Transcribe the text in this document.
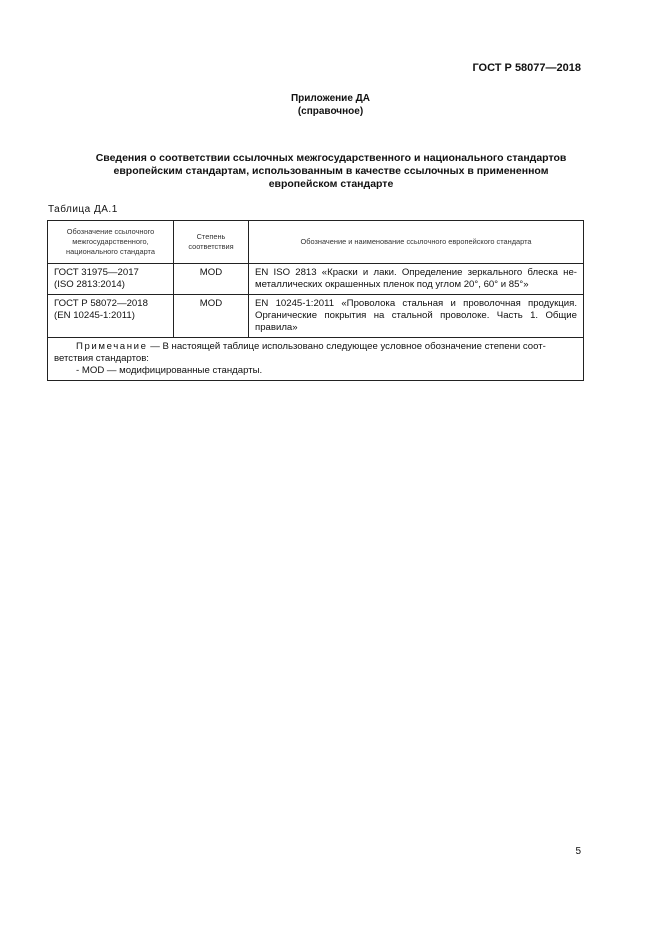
ГОСТ Р 58077—2018
Приложение ДА
(справочное)
Сведения о соответствии ссылочных межгосударственного и национального стандартов
европейским стандартам, использованным в качестве ссылочных в примененном
европейском стандарте
Таблица ДА.1
Обозначение ссылочного межгосударственного, национального стандарта	Степень соответствия	Обозначение и наименование ссылочного европейского стандарта

ГОСТ 31975—2017
(ISO 2813:2014)	MOD	EN ISO 2813 «Краски и лаки. Определение зеркального блеска не-металлических окрашенных пленок под углом 20°, 60° и 85°»

ГОСТ Р 58072—2018
(EN 10245-1:2011)	MOD	EN 10245-1:2011 «Проволока стальная и проволочная продукция. Органические покрытия на стальной проволоке. Часть 1. Общие правила»

Примечание — В настоящей таблице использовано следующее условное обозначение степени соот-ветствия стандартов:
- MOD — модифицированные стандарты.		
5
